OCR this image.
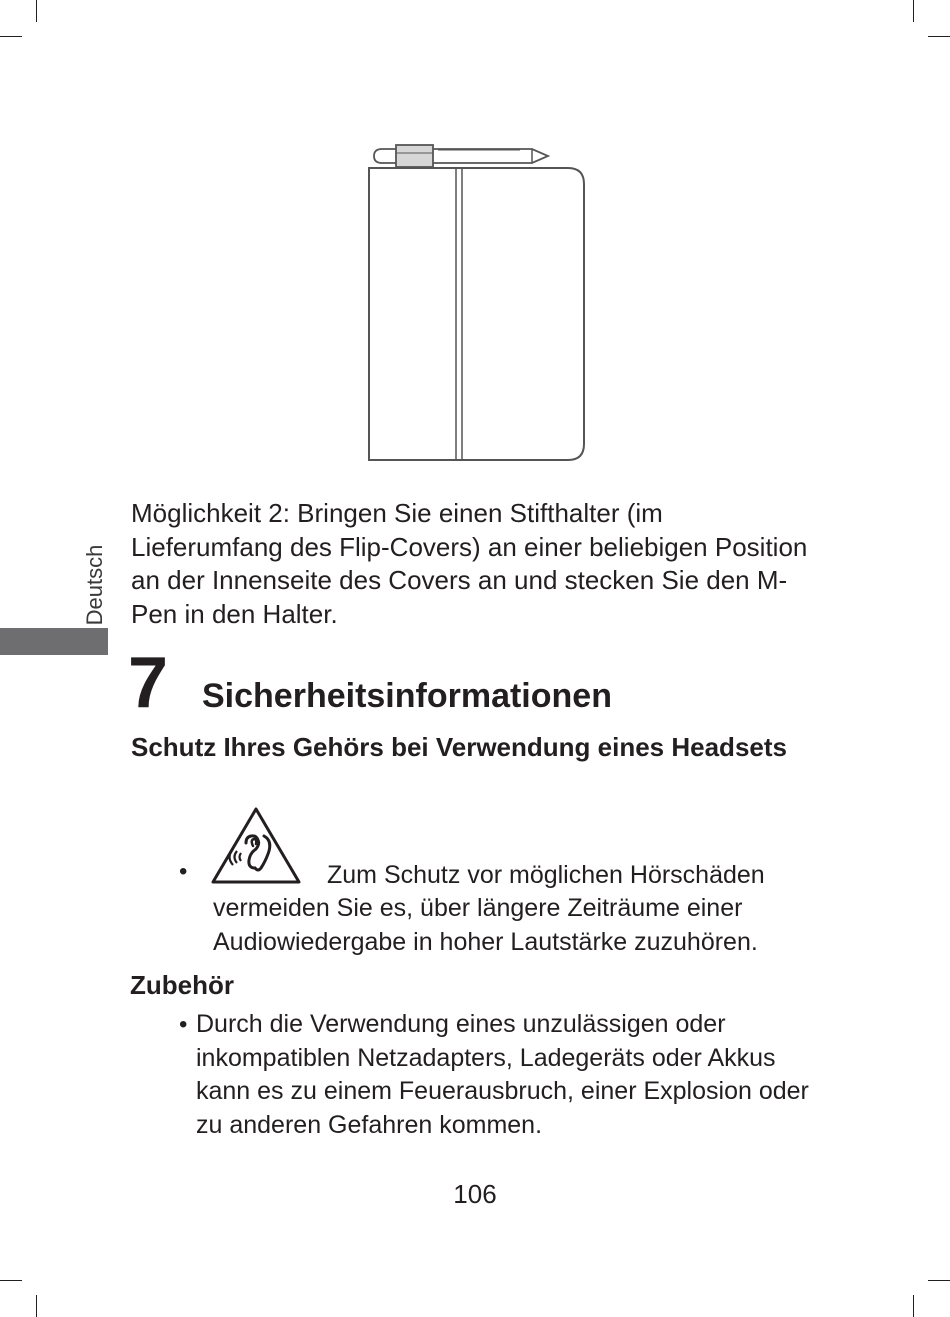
Deutsch

Möglichkeit 2: Bringen Sie einen Stifthalter (im Lieferumfang des Flip-Covers) an einer beliebigen Position an der Innenseite des Covers an und stecken Sie den M-Pen in den Halter.

7 Sicherheitsinformationen

Schutz Ihres Gehörs bei Verwendung eines Headsets

•	Zum Schutz vor möglichen Hörschäden

vermeiden Sie es, über längere Zeiträume einer Audiowiedergabe in hoher Lautstärke zuzuhören.

Zubehör
• Durch die Verwendung eines unzulässigen oder inkompatiblen Netzadapters, Ladegeräts oder Akkus kann es zu einem Feuerausbruch, einer Explosion oder zu anderen Gefahren kommen.

106
